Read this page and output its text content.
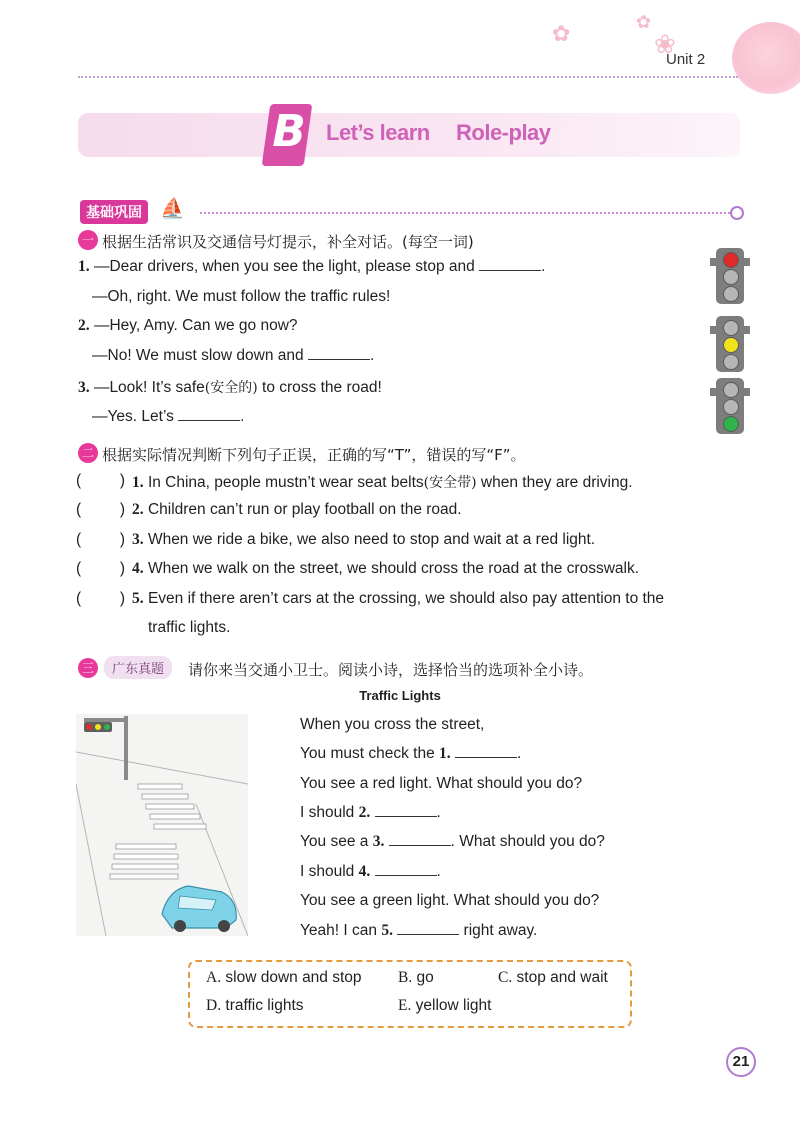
✿	✿
❀
Unit 2
B Let’s learn Role-play
基础巩固 ⛵
一 根据生活常识及交通信号灯提示，补全对话。(每空一词)
1. —Dear drivers, when you see the light, please stop and	.
—Oh, right. We must follow the traffic rules!
2. —Hey, Amy. Can we go now?
—No! We must slow down and	.
3. —Look! It’s safe(安全的) to cross the road!
—Yes. Let’s	.
二 根据实际情况判断下列句子正误，正确的写“T”，错误的写“F”。
(         ) 1. In China, people mustn’t wear seat belts(安全带) when they are driving.
(         ) 2. Children can’t run or play football on the road.
(         ) 3. When we ride a bike, we also need to stop and wait at a red light.
(         ) 4. When we walk on the street, we should cross the road at the crosswalk.
(         ) 5. Even if there aren’t cars at the crossing, we should also pay attention to the
traffic lights.
三	广东真题	请你来当交通小卫士。阅读小诗，选择恰当的选项补全小诗。
Traffic Lights
When you cross the street,
You must check the 1.	.
You see a red light. What should you do?
I should 2.	.
You see a 3.	. What should you do?
I should 4.	.
You see a green light. What should you do?
Yeah! I can 5.	right away.
A. slow down and stop B. go	C. stop and wait
D. traffic lights	E. yellow light
21
